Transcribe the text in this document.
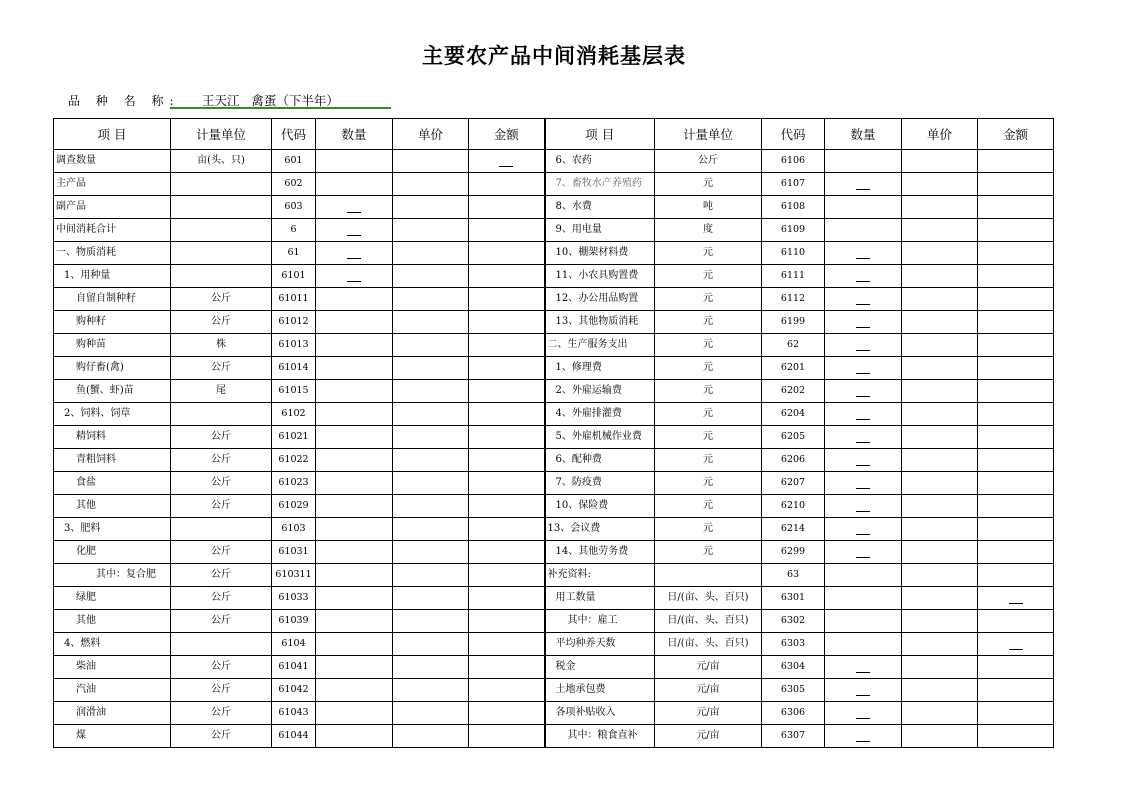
主要农产品中间消耗基层表
品 种 名 称:	王天江   禽蛋（下半年）
项 目	计量单位	代码	数量	单价	金额	项 目	计量单位	代码	数量	单价	金额
调查数量	亩(头、只)	601				6、农药	公斤	6106			
主产品		602				7、畜牧水产养殖药	元	6107			
副产品		603				8、水费	吨	6108			
中间消耗合计		6				9、用电量	度	6109			
一、物质消耗		61				10、棚架材料费	元	6110			
1、用种量		6101				11、小农具购置费	元	6111			
自留自制种籽	公斤	61011				12、办公用品购置	元	6112			
购种籽	公斤	61012				13、其他物质消耗	元	6199			
购种苗	株	61013				二、生产服务支出	元	62			
购仔畜(禽)	公斤	61014				1、修理费	元	6201			
鱼(蟹、虾)苗	尾	61015				2、外雇运输费	元	6202			
2、饲料、饲草		6102				4、外雇排灌费	元	6204			
精饲料	公斤	61021				5、外雇机械作业费	元	6205			
青粗饲料	公斤	61022				6、配种费	元	6206			
食盐	公斤	61023				7、防疫费	元	6207			
其他	公斤	61029				10、保险费	元	6210			
3、肥料		6103				13、会议费	元	6214			
化肥	公斤	61031				14、其他劳务费	元	6299			
其中：复合肥	公斤	610311				补充资料:		63			
绿肥	公斤	61033				用工数量	日/(亩、头、百只)	6301			
其他	公斤	61039				其中：雇工	日/(亩、头、百只)	6302			
4、燃料		6104				平均种养天数	日/(亩、头、百只)	6303			
柴油	公斤	61041				税金	元/亩	6304			
汽油	公斤	61042				土地承包费	元/亩	6305			
润滑油	公斤	61043				各项补贴收入	元/亩	6306			
煤	公斤	61044				其中：粮食直补	元/亩	6307			
